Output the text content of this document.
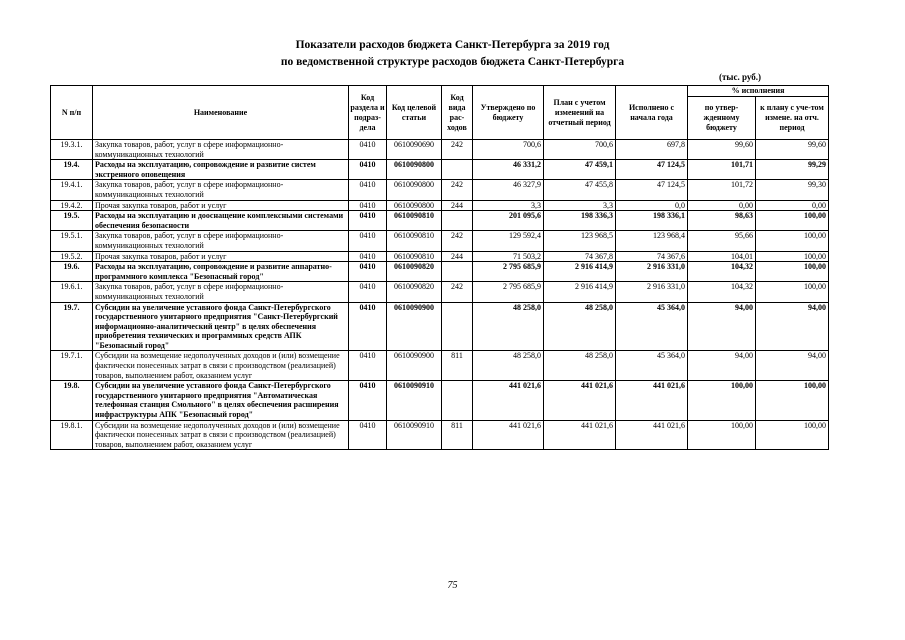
Показатели расходов бюджета Санкт-Петербурга за 2019 год
по ведомственной структуре расходов бюджета Санкт-Петербурга
(тыс. руб.)
N п/п	Наименование	Код раздела и подраз-дела	Код целевой статьи	Код вида рас-ходов	Утверждено по бюджету	План с учетом изменений на отчетный период	Исполнено с начала года	% исполнения	
								по утвер-жденному бюджету	к плану с уче-том измене. на отч. период
19.3.1.	Закупка товаров, работ, услуг в сфере информационно-коммуникационных технологий	0410	0610090690	242	700,6	700,6	697,8	99,60	99,60
19.4.	Расходы на эксплуатацию, сопровождение и развитие систем экстренного оповещения	0410	0610090800		46 331,2	47 459,1	47 124,5	101,71	99,29
19.4.1.	Закупка товаров, работ, услуг в сфере информационно-коммуникационных технологий	0410	0610090800	242	46 327,9	47 455,8	47 124,5	101,72	99,30
19.4.2.	Прочая закупка товаров, работ и услуг	0410	0610090800	244	3,3	3,3	0,0	0,00	0,00
19.5.	Расходы на эксплуатацию и дооснащение комплексными системами обеспечения безопасности	0410	0610090810		201 095,6	198 336,3	198 336,1	98,63	100,00
19.5.1.	Закупка товаров, работ, услуг в сфере информационно-коммуникационных технологий	0410	0610090810	242	129 592,4	123 968,5	123 968,4	95,66	100,00
19.5.2.	Прочая закупка товаров, работ и услуг	0410	0610090810	244	71 503,2	74 367,8	74 367,6	104,01	100,00
19.6.	Расходы на эксплуатацию, сопровождение и развитие аппаратно-программного комплекса "Безопасный город"	0410	0610090820		2 795 685,9	2 916 414,9	2 916 331,0	104,32	100,00
19.6.1.	Закупка товаров, работ, услуг в сфере информационно-коммуникационных технологий	0410	0610090820	242	2 795 685,9	2 916 414,9	2 916 331,0	104,32	100,00
19.7.	Субсидии на увеличение уставного фонда Санкт-Петербургского государственного унитарного предприятия "Санкт-Петербургский информационно-аналитический центр" в целях обеспечения приобретения технических и программных средств АПК "Безопасный город"	0410	0610090900		48 258,0	48 258,0	45 364,0	94,00	94,00
19.7.1.	Субсидии на возмещение недополученных доходов и (или) возмещение фактически понесенных затрат в связи с производством (реализацией) товаров, выполнением работ, оказанием услуг	0410	0610090900	811	48 258,0	48 258,0	45 364,0	94,00	94,00
19.8.	Субсидии на увеличение уставного фонда Санкт-Петербургского государственного унитарного предприятия "Автоматическая телефонная станция Смольного" в целях обеспечения расширения инфраструктуры АПК "Безопасный город"	0410	0610090910		441 021,6	441 021,6	441 021,6	100,00	100,00
19.8.1.	Субсидии на возмещение недополученных доходов и (или) возмещение фактически понесенных затрат в связи с производством (реализацией) товаров, выполнением работ, оказанием услуг	0410	0610090910	811	441 021,6	441 021,6	441 021,6	100,00	100,00
75
